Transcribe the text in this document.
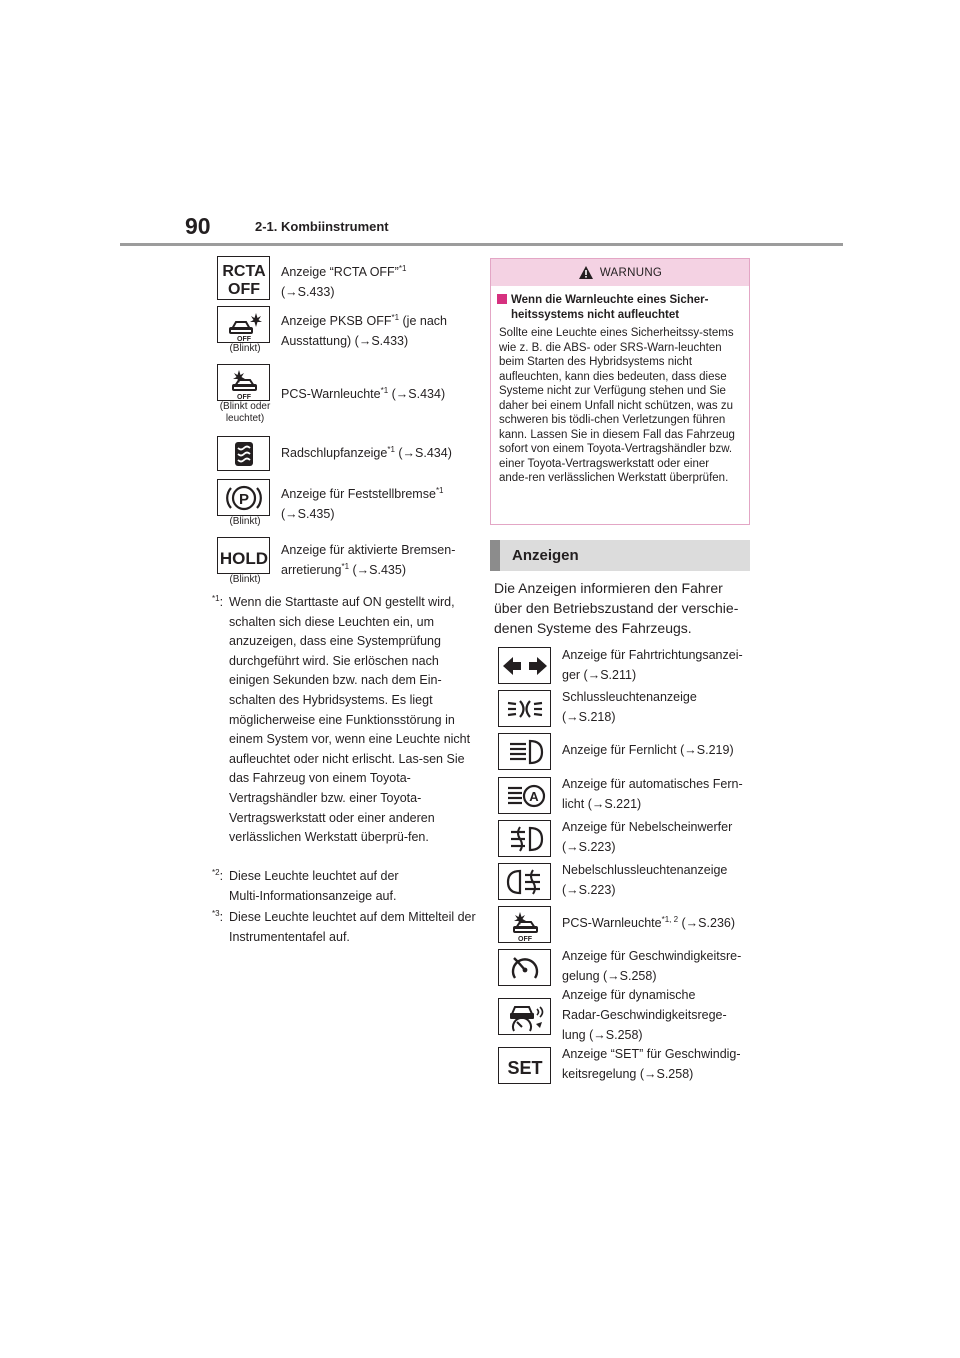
90	2-1. Kombiinstrument
RCTA
OFF
Anzeige “RCTA OFF”$^{*1}$
(→S.433)
OFF
(Blinkt)
Anzeige PKSB OFF$^{*1}$ (je nach
Ausstattung) (→S.433)
OFF
(Blinkt oder leuchtet)
PCS-Warnleuchte$^{*1}$ (→S.434)
Radschlupfanzeige$^{*1}$ (→S.434)
P
(Blinkt)
Anzeige für Feststellbremse$^{*1}$
(→S.435)
HOLD
(Blinkt)
Anzeige für aktivierte Bremsen-
arretierung$^{*1}$ (→S.435)
$^{*1}$: Wenn die Starttaste auf ON gestellt wird, schalten sich diese Leuchten ein, um anzuzeigen, dass eine Systemprüfung durchgeführt wird. Sie erlöschen nach einigen Sekunden bzw. nach dem Ein-schalten des Hybridsystems. Es liegt möglicherweise eine Funktionsstörung in einem System vor, wenn eine Leuchte nicht aufleuchtet oder nicht erlischt. Las-sen Sie das Fahrzeug von einem Toyota-Vertragshändler bzw. einer Toyota-Vertragswerkstatt oder einer anderen verlässlichen Werkstatt überprü-fen.
$^{*2}$: Diese Leuchte leuchtet auf der Multi-Informationsanzeige auf.
$^{*3}$: Diese Leuchte leuchtet auf dem Mittelteil der Instrumententafel auf.
WARNUNG
Wenn die Warnleuchte eines Sicher-heitssystems nicht aufleuchtet
Sollte eine Leuchte eines Sicherheitssy-stems wie z. B. die ABS- oder SRS-Warn-leuchten beim Starten des Hybridsystems nicht aufleuchten, kann dies bedeuten, dass diese Systeme nicht zur Verfügung stehen und Sie daher bei einem Unfall nicht schützen, was zu schweren bis tödli-chen Verletzungen führen kann. Lassen Sie in diesem Fall das Fahrzeug sofort von einem Toyota-Vertragshändler bzw. einer Toyota-Vertragswerkstatt oder einer ande-ren verlässlichen Werkstatt überprüfen.
Anzeigen
Die Anzeigen informieren den Fahrer über den Betriebszustand der verschie-denen Systeme des Fahrzeugs.
Anzeige für Fahrtrichtungsanzei-
ger (→S.211)
Schlussleuchtenanzeige
(→S.218)
Anzeige für Fernlicht (→S.219)
A
Anzeige für automatisches Fern-
licht (→S.221)
Anzeige für Nebelscheinwerfer
(→S.223)
Nebelschlussleuchtenanzeige
(→S.223)
OFF
PCS-Warnleuchte$^{*1, 2}$ (→S.236)
Anzeige für Geschwindigkeitsre-
gelung (→S.258)
Anzeige für dynamische
Radar-Geschwindigkeitsrege-
lung (→S.258)
SET
Anzeige “SET” für Geschwindig-
keitsregelung (→S.258)
